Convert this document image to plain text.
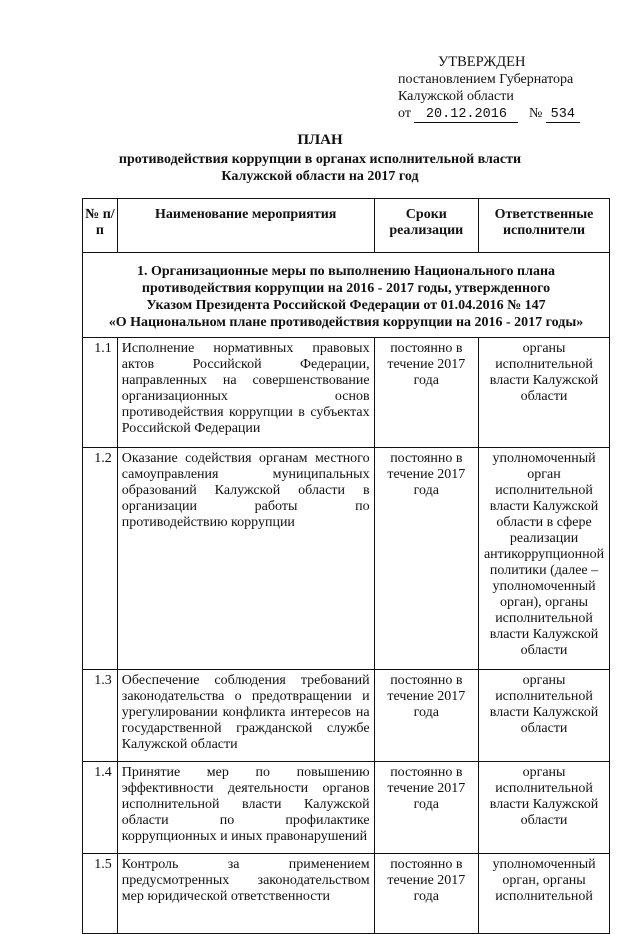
УТВЕРЖДЕН
постановлением Губернатора
Калужской области
от 20.12.2016 № 534
ПЛАН
противодействия коррупции в органах исполнительной власти
Калужской области на 2017 год
№ п/п	Наименование мероприятия	Сроки реализации	Ответственные исполнители

1. Организационные меры по выполнению Национального плана
противодействия коррупции на 2016 - 2017 годы, утвержденного
Указом Президента Российской Федерации от 01.04.2016 № 147
«О Национальном плане противодействия коррупции на 2016 - 2017 годы»			

1.1	Исполнение нормативных правовых актов Российской Федерации, направленных на совершенствование организационных основ противодействия коррупции в субъектах Российской Федерации	постоянно в течение 2017 года	органы исполнительной власти Калужской области
1.2	Оказание содействия органам местного самоуправления муниципальных образований Калужской области в организации работы по противодействию коррупции	постоянно в течение 2017 года	уполномоченный орган исполнительной власти Калужской области в сфере реализации антикоррупционной политики (далее – уполномоченный орган), органы исполнительной власти Калужской области
1.3	Обеспечение соблюдения требований законодательства о предотвращении и урегулировании конфликта интересов на государственной гражданской службе Калужской области	постоянно в течение 2017 года	органы исполнительной власти Калужской области
1.4	Принятие мер по повышению эффективности деятельности органов исполнительной власти Калужской области по профилактике коррупционных и иных правонарушений	постоянно в течение 2017 года	органы исполнительной власти Калужской области
1.5	Контроль за применением предусмотренных законодательством мер юридической ответственности	постоянно в течение 2017 года	уполномоченный орган, органы исполнительной
